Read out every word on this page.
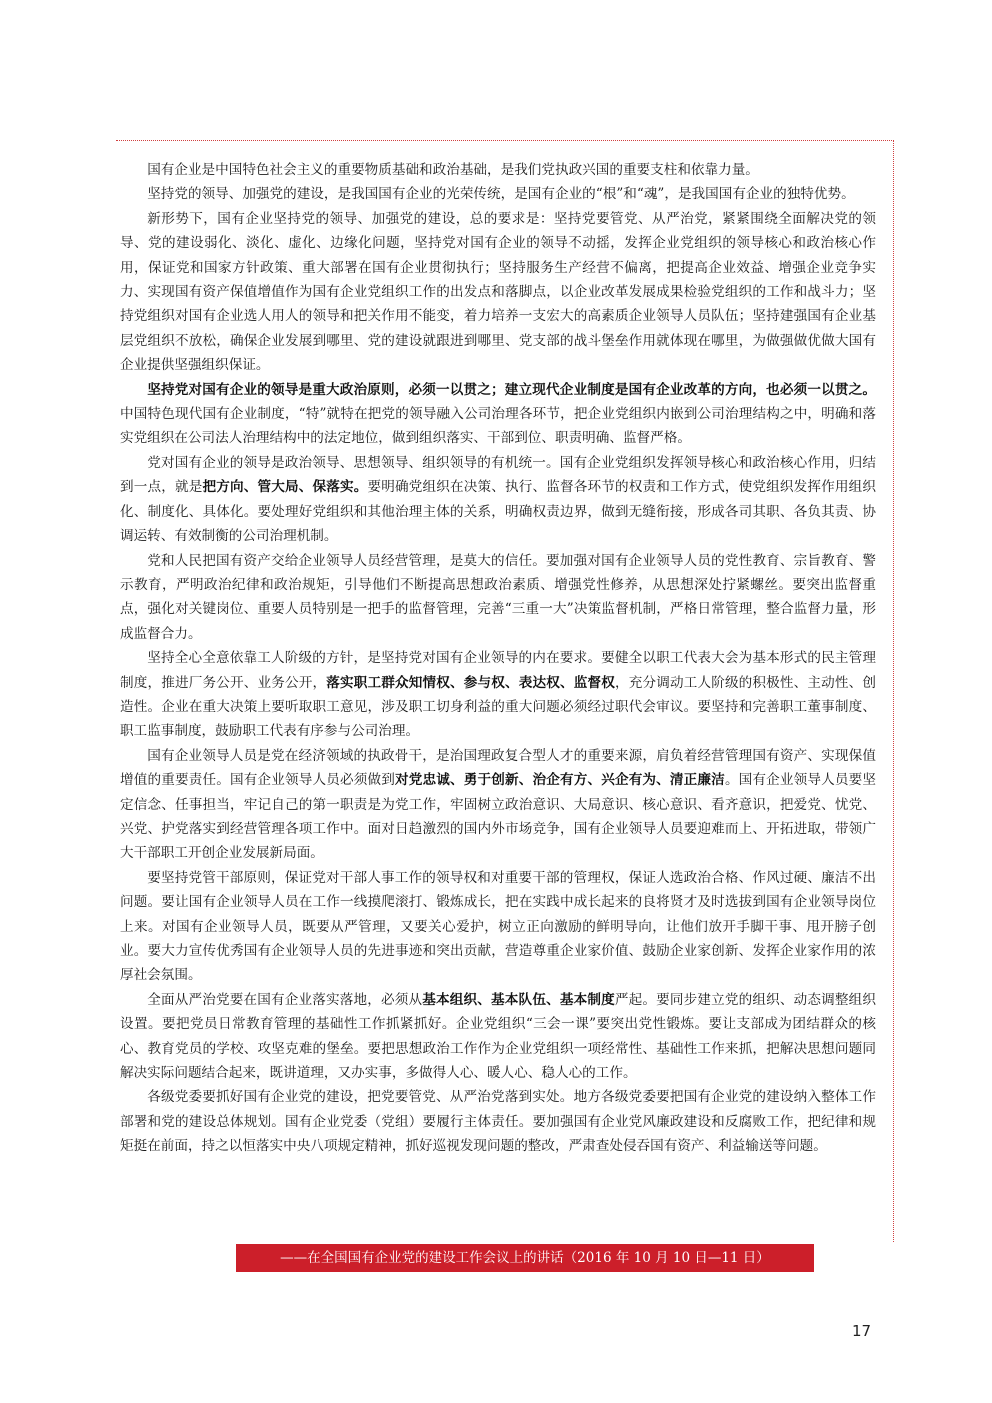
国有企业是中国特色社会主义的重要物质基础和政治基础，是我们党执政兴国的重要支柱和依靠力量。

坚持党的领导、加强党的建设，是我国国有企业的光荣传统，是国有企业的“根”和“魂”，是我国国有企业的独特优势。

新形势下，国有企业坚持党的领导、加强党的建设，总的要求是：坚持党要管党、从严治党，紧紧围绕全面解决党的领导、党的建设弱化、淡化、虚化、边缘化问题，坚持党对国有企业的领导不动摇，发挥企业党组织的领导核心和政治核心作用，保证党和国家方针政策、重大部署在国有企业贯彻执行；坚持服务生产经营不偏离，把提高企业效益、增强企业竞争实力、实现国有资产保值增值作为国有企业党组织工作的出发点和落脚点，以企业改革发展成果检验党组织的工作和战斗力；坚持党组织对国有企业选人用人的领导和把关作用不能变，着力培养一支宏大的高素质企业领导人员队伍；坚持建强国有企业基层党组织不放松，确保企业发展到哪里、党的建设就跟进到哪里、党支部的战斗堡垒作用就体现在哪里，为做强做优做大国有企业提供坚强组织保证。

坚持党对国有企业的领导是重大政治原则，必须一以贯之；建立现代企业制度是国有企业改革的方向，也必须一以贯之。中国特色现代国有企业制度，“特”就特在把党的领导融入公司治理各环节，把企业党组织内嵌到公司治理结构之中，明确和落实党组织在公司法人治理结构中的法定地位，做到组织落实、干部到位、职责明确、监督严格。

党对国有企业的领导是政治领导、思想领导、组织领导的有机统一。国有企业党组织发挥领导核心和政治核心作用，归结到一点，就是把方向、管大局、保落实。要明确党组织在决策、执行、监督各环节的权责和工作方式，使党组织发挥作用组织化、制度化、具体化。要处理好党组织和其他治理主体的关系，明确权责边界，做到无缝衔接，形成各司其职、各负其责、协调运转、有效制衡的公司治理机制。

党和人民把国有资产交给企业领导人员经营管理，是莫大的信任。要加强对国有企业领导人员的党性教育、宗旨教育、警示教育，严明政治纪律和政治规矩，引导他们不断提高思想政治素质、增强党性修养，从思想深处拧紧螺丝。要突出监督重点，强化对关键岗位、重要人员特别是一把手的监督管理，完善“三重一大”决策监督机制，严格日常管理，整合监督力量，形成监督合力。

坚持全心全意依靠工人阶级的方针，是坚持党对国有企业领导的内在要求。要健全以职工代表大会为基本形式的民主管理制度，推进厂务公开、业务公开，落实职工群众知情权、参与权、表达权、监督权，充分调动工人阶级的积极性、主动性、创造性。企业在重大决策上要听取职工意见，涉及职工切身利益的重大问题必须经过职代会审议。要坚持和完善职工董事制度、职工监事制度，鼓励职工代表有序参与公司治理。

国有企业领导人员是党在经济领域的执政骨干，是治国理政复合型人才的重要来源，肩负着经营管理国有资产、实现保值增值的重要责任。国有企业领导人员必须做到对党忠诚、勇于创新、治企有方、兴企有为、清正廉洁。国有企业领导人员要坚定信念、任事担当，牢记自己的第一职责是为党工作，牢固树立政治意识、大局意识、核心意识、看齐意识，把爱党、忧党、兴党、护党落实到经营管理各项工作中。面对日趋激烈的国内外市场竞争，国有企业领导人员要迎难而上、开拓进取，带领广大干部职工开创企业发展新局面。

要坚持党管干部原则，保证党对干部人事工作的领导权和对重要干部的管理权，保证人选政治合格、作风过硬、廉洁不出问题。要让国有企业领导人员在工作一线摸爬滚打、锻炼成长，把在实践中成长起来的良将贤才及时选拔到国有企业领导岗位上来。对国有企业领导人员，既要从严管理，又要关心爱护，树立正向激励的鲜明导向，让他们放开手脚干事、甩开膀子创业。要大力宣传优秀国有企业领导人员的先进事迹和突出贡献，营造尊重企业家价值、鼓励企业家创新、发挥企业家作用的浓厚社会氛围。

全面从严治党要在国有企业落实落地，必须从基本组织、基本队伍、基本制度严起。要同步建立党的组织、动态调整组织设置。要把党员日常教育管理的基础性工作抓紧抓好。企业党组织“三会一课”要突出党性锻炼。要让支部成为团结群众的核心、教育党员的学校、攻坚克难的堡垒。要把思想政治工作作为企业党组织一项经常性、基础性工作来抓，把解决思想问题同解决实际问题结合起来，既讲道理，又办实事，多做得人心、暖人心、稳人心的工作。

各级党委要抓好国有企业党的建设，把党要管党、从严治党落到实处。地方各级党委要把国有企业党的建设纳入整体工作部署和党的建设总体规划。国有企业党委（党组）要履行主体责任。要加强国有企业党风廉政建设和反腐败工作，把纪律和规矩挺在前面，持之以恒落实中央八项规定精神，抓好巡视发现问题的整改，严肃查处侵吞国有资产、利益输送等问题。

——在全国国有企业党的建设工作会议上的讲话（2016 年 10 月 10 日—11 日）
17
